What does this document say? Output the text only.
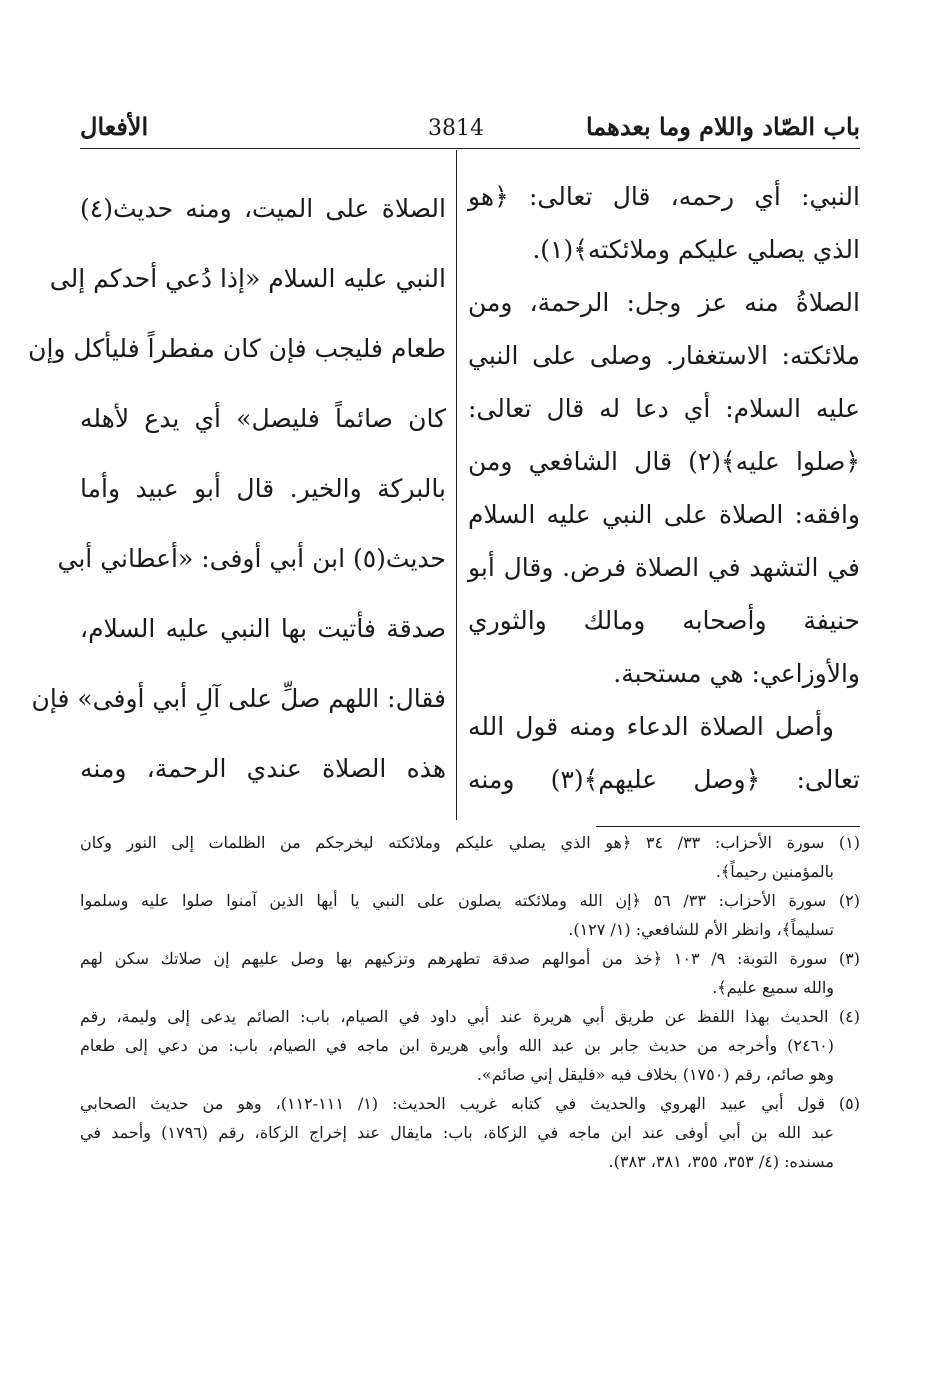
باب الصّاد واللام وما بعدهما
3814
الأفعال
النبي: أي رحمه، قال تعالى: ﴿هو
الذي يصلي عليكم وملائكته﴾(١).
الصلاةُ منه عز وجل: الرحمة، ومن
ملائكته: الاستغفار. وصلى على النبي
عليه السلام: أي دعا له قال تعالى:
﴿صلوا عليه﴾(٢) قال الشافعي ومن
وافقه: الصلاة على النبي عليه السلام
في التشهد في الصلاة فرض. وقال أبو
حنيفة وأصحابه ومالك والثوري
والأوزاعي: هي مستحبة.
وأصل الصلاة الدعاء ومنه قول الله
تعالى: ﴿وصل عليهم﴾(٣) ومنه
الصلاة على الميت، ومنه حديث(٤)
النبي عليه السلام «إذا دُعي أحدكم إلى
طعام فليجب فإن كان مفطراً فليأكل وإن
كان صائماً فليصل» أي يدع لأهله
بالبركة والخير. قال أبو عبيد وأما
حديث(٥) ابن أبي أوفى: «أعطاني أبي
صدقة فأتيت بها النبي عليه السلام،
فقال: اللهم صلِّ على آلِ أبي أوفى» فإن
هذه الصلاة عندي الرحمة، ومنه
(١) سورة الأحزاب: ٣٣/ ٣٤ ﴿هو الذي يصلي عليكم وملائكته ليخرجكم من الظلمات إلى النور وكان
بالمؤمنين رحيماً﴾.
(٢) سورة الأحزاب: ٣٣/ ٥٦ ﴿إن الله وملائكته يصلون على النبي يا أيها الذين آمنوا صلوا عليه وسلموا
تسليماً﴾، وانظر الأم للشافعي: (١/ ١٢٧).
(٣) سورة التوبة: ٩/ ١٠٣ ﴿خذ من أموالهم صدقة تطهرهم وتزكيهم بها وصل عليهم إن صلاتك سكن لهم
والله سميع عليم﴾.
(٤) الحديث بهذا اللفظ عن طريق أبي هريرة عند أبي داود في الصيام، باب: الصائم يدعى إلى وليمة، رقم
(٢٤٦٠) وأخرجه من حديث جابر بن عبد الله وأبي هريرة ابن ماجه في الصيام، باب: من دعي إلى طعام
وهو صائم، رقم (١٧٥٠) بخلاف فيه «فليقل إني صائم».
(٥) قول أبي عبيد الهروي والحديث في كتابه غريب الحديث: (١/ ١١١-١١٢)، وهو من حديث الصحابي
عبد الله بن أبي أوفى عند ابن ماجه في الزكاة، باب: مايقال عند إخراج الزكاة، رقم (١٧٩٦) وأحمد في
مسنده: (٤/ ٣٥٣، ٣٥٥، ٣٨١، ٣٨٣).
